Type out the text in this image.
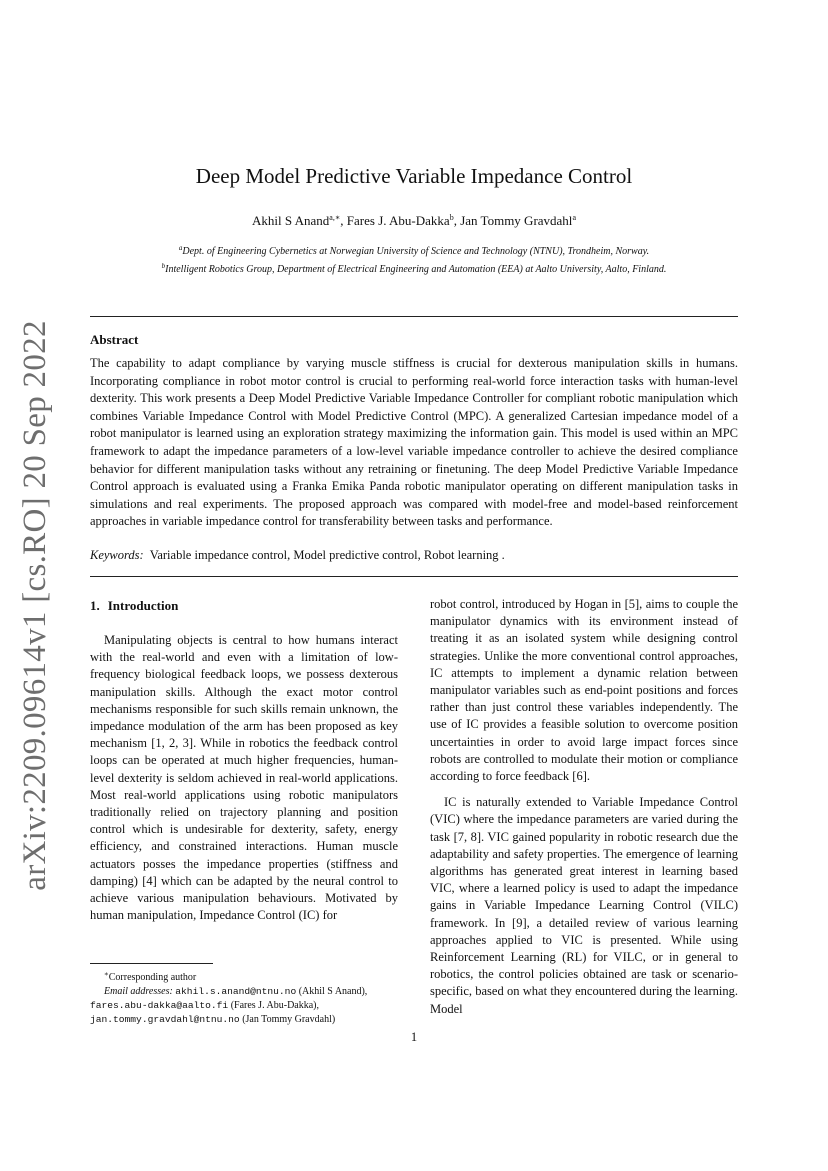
arXiv:2209.09614v1 [cs.RO] 20 Sep 2022
Deep Model Predictive Variable Impedance Control
Akhil S Anand$^{a,∗}$, Fares J. Abu-Dakka$^b$, Jan Tommy Gravdahl$^a$
$^a$Dept. of Engineering Cybernetics at Norwegian University of Science and Technology (NTNU), Trondheim, Norway.
$^b$Intelligent Robotics Group, Department of Electrical Engineering and Automation (EEA) at Aalto University, Aalto, Finland.
Abstract
The capability to adapt compliance by varying muscle stiffness is crucial for dexterous manipulation skills in humans. Incorporating compliance in robot motor control is crucial to performing real-world force interaction tasks with human-level dexterity. This work presents a Deep Model Predictive Variable Impedance Controller for compliant robotic manipulation which combines Variable Impedance Control with Model Predictive Control (MPC). A generalized Cartesian impedance model of a robot manipulator is learned using an exploration strategy maximizing the information gain. This model is used within an MPC framework to adapt the impedance parameters of a low-level variable impedance controller to achieve the desired compliance behavior for different manipulation tasks without any retraining or finetuning. The deep Model Predictive Variable Impedance Control approach is evaluated using a Franka Emika Panda robotic manipulator operating on different manipulation tasks in simulations and real experiments. The proposed approach was compared with model-free and model-based reinforcement approaches in variable impedance control for transferability between tasks and performance.
Keywords: Variable impedance control, Model predictive control, Robot learning .
1. Introduction

Manipulating objects is central to how humans interact with the real-world and even with a limitation of low-frequency biological feedback loops, we possess dexterous manipulation skills. Although the exact motor control mechanisms responsible for such skills remain unknown, the impedance modulation of the arm has been proposed as key mechanism [1, 2, 3]. While in robotics the feedback control loops can be operated at much higher frequencies, human-level dexterity is seldom achieved in real-world applications. Most real-world applications using robotic manipulators traditionally relied on trajectory planning and position control which is undesirable for dexterity, safety, energy efficiency, and constrained interactions. Human muscle actuators posses the impedance properties (stiffness and damping) [4] which can be adapted by the neural control to achieve various manipulation behaviours. Motivated by human manipulation, Impedance Control (IC) for

robot control, introduced by Hogan in [5], aims to couple the manipulator dynamics with its environment instead of treating it as an isolated system while designing control strategies. Unlike the more conventional control approaches, IC attempts to implement a dynamic relation between manipulator variables such as end-point positions and forces rather than just control these variables independently. The use of IC provides a feasible solution to overcome position uncertainties in order to avoid large impact forces since robots are controlled to modulate their motion or compliance according to force feedback [6].

IC is naturally extended to Variable Impedance Control (VIC) where the impedance parameters are varied during the task [7, 8]. VIC gained popularity in robotic research due the adaptability and safety properties. The emergence of learning algorithms has generated great interest in learning based VIC, where a learned policy is used to adapt the impedance gains in Variable Impedance Learning Control (VILC) framework. In [9], a detailed review of various learning approaches applied to VIC is presented. While using Reinforcement Learning (RL) for VILC, or in general to robotics, the control policies obtained are task or scenario-specific, based on what they encountered during the learning. Model

∗Corresponding author
Email addresses: akhil.s.anand@ntnu.no (Akhil S Anand), fares.abu-dakka@aalto.fi (Fares J. Abu-Dakka), jan.tommy.gravdahl@ntnu.no (Jan Tommy Gravdahl)
1
